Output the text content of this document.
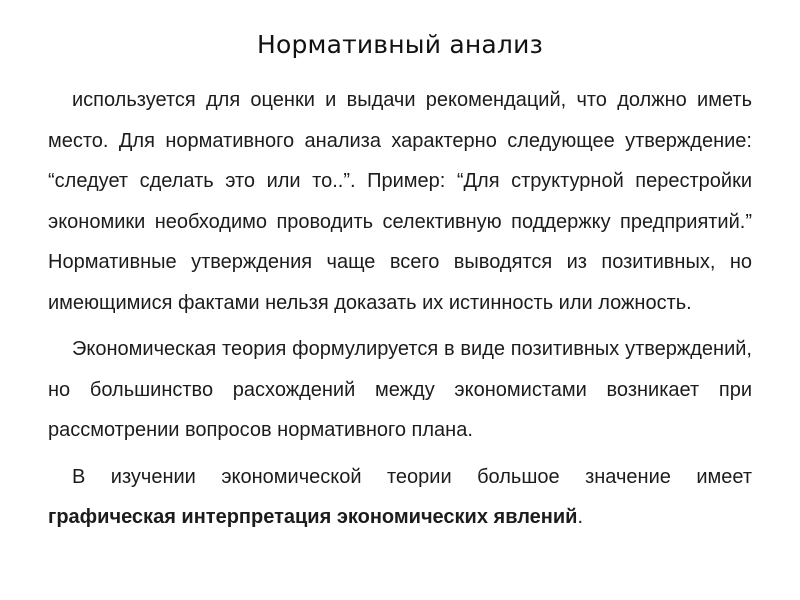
Нормативный анализ

используется для оценки и выдачи рекомендаций, что должно иметь место. Для нормативного анализа характерно следующее утверждение: “следует сделать это или то..”. Пример: “Для структурной перестройки экономики необходимо проводить селективную поддержку предприятий.” Нормативные утверждения чаще всего выводятся из позитивных, но имеющимися фактами нельзя доказать их истинность или ложность.

Экономическая теория формулируется в виде позитивных утверждений, но большинство расхождений между экономистами возникает при рассмотрении вопросов нормативного плана.

В изучении экономической теории большое значение имеет графическая интерпретация экономических явлений.
